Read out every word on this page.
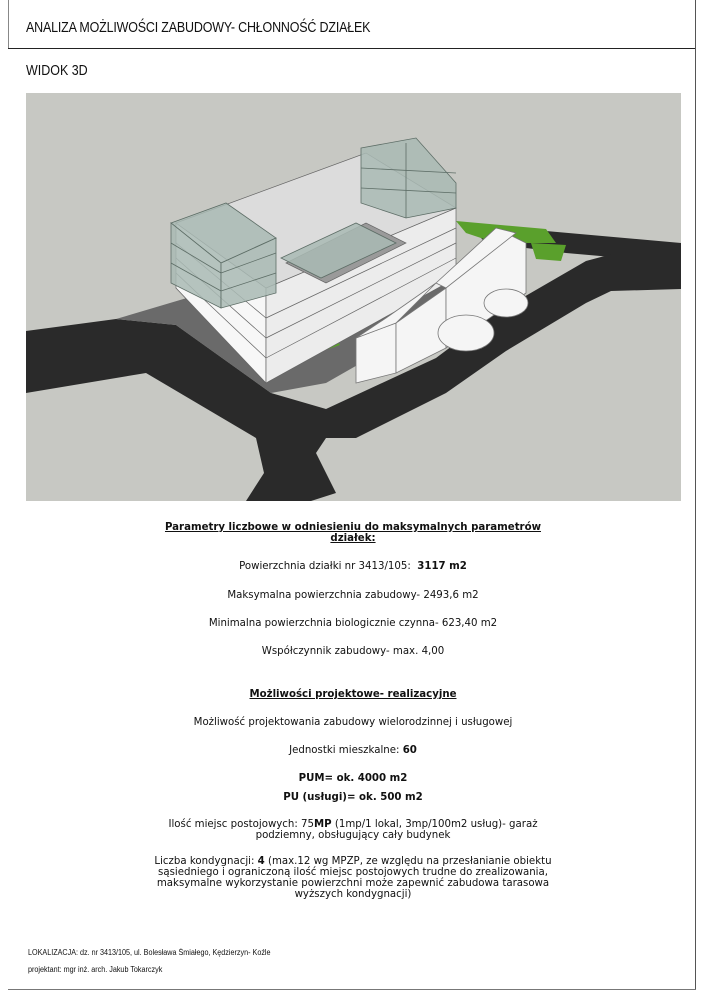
ANALIZA MOŻLIWOŚCI ZABUDOWY- CHŁONNOŚĆ DZIAŁEK
WIDOK 3D
Parametry liczbowe w odniesieniu do maksymalnych parametrów
działek:
Powierzchnia działki nr 3413/105: 3117 m2
Maksymalna powierzchnia zabudowy- 2493,6 m2
Minimalna powierzchnia biologicznie czynna- 623,40 m2
Współczynnik zabudowy- max. 4,00
Możliwości projektowe- realizacyjne
Możliwość projektowania zabudowy wielorodzinnej i usługowej
Jednostki mieszkalne: 60
PUM= ok. 4000 m2
PU (usługi)= ok. 500 m2
Ilość miejsc postojowych: 75MP (1mp/1 lokal, 3mp/100m2 usług)- garaż
podziemny, obsługujący cały budynek
Liczba kondygnacji: 4 (max.12 wg MPZP, ze względu na przesłanianie obiektu
sąsiedniego i ograniczoną ilość miejsc postojowych trudne do zrealizowania,
maksymalne wykorzystanie powierzchni może zapewnić zabudowa tarasowa
wyższych kondygnacji)
LOKALIZACJA: dz. nr 3413/105, ul. Bolesława Śmiałego, Kędzierzyn- Koźle
projektant: mgr inż. arch. Jakub Tokarczyk
